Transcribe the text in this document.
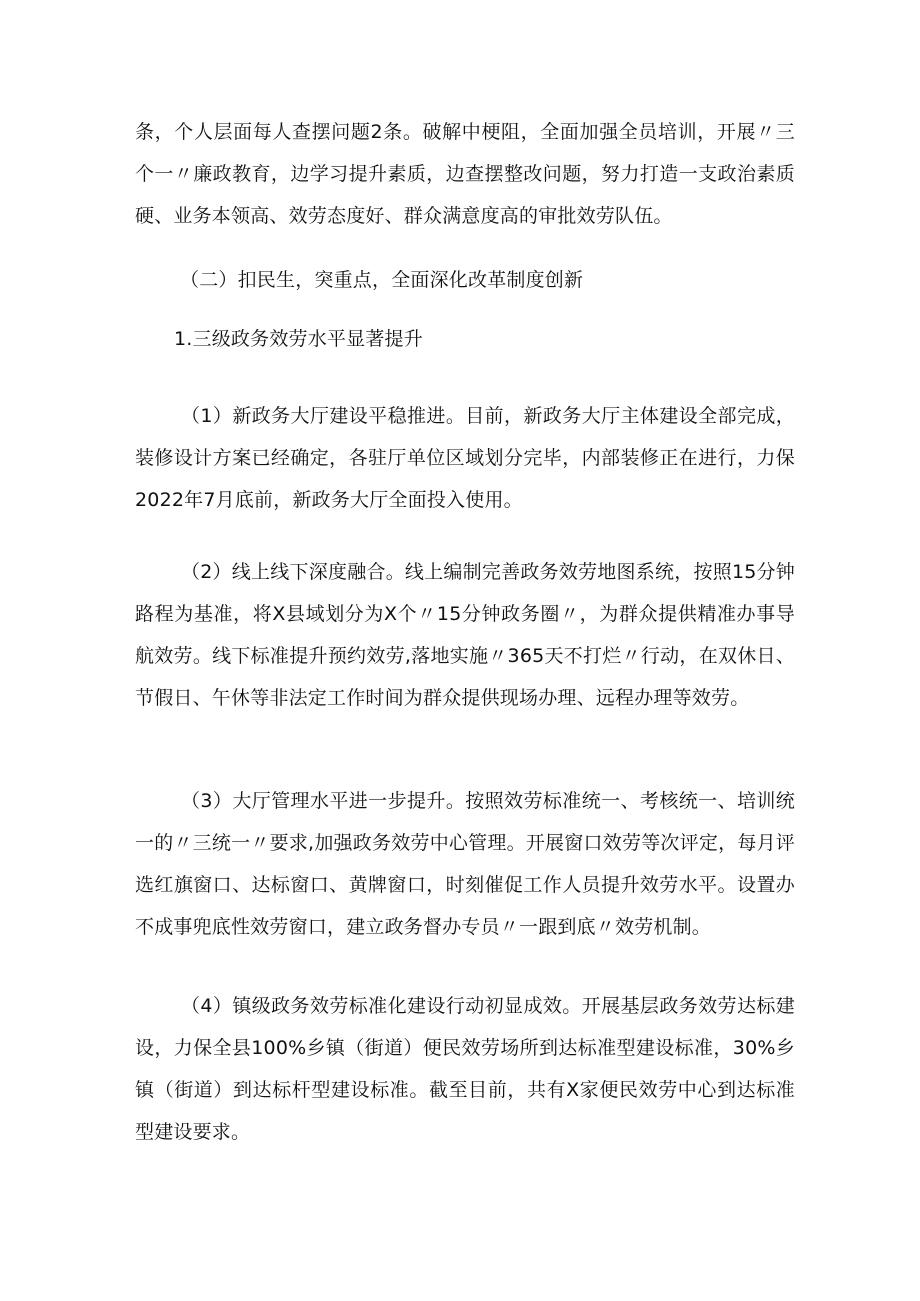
条，个人层面每人查摆问题2条。破解中梗阻，全面加强全员培训，开展〃三个一〃廉政教育，边学习提升素质，边查摆整改问题，努力打造一支政治素质硬、业务本领高、效劳态度好、群众满意度高的审批效劳队伍。

（二）扣民生，突重点，全面深化改革制度创新

1.三级政务效劳水平显著提升

（1）新政务大厅建设平稳推进。目前，新政务大厅主体建设全部完成，装修设计方案已经确定，各驻厅单位区域划分完毕，内部装修正在进行，力保2022年7月底前，新政务大厅全面投入使用。

（2）线上线下深度融合。线上编制完善政务效劳地图系统，按照15分钟路程为基准，将X县域划分为X个〃15分钟政务圈〃，为群众提供精准办事导航效劳。线下标准提升预约效劳,落地实施〃365天不打烂〃行动，在双休日、节假日、午休等非法定工作时间为群众提供现场办理、远程办理等效劳。

（3）大厅管理水平进一步提升。按照效劳标准统一、考核统一、培训统一的〃三统一〃要求,加强政务效劳中心管理。开展窗口效劳等次评定，每月评选红旗窗口、达标窗口、黄牌窗口，时刻催促工作人员提升效劳水平。设置办不成事兜底性效劳窗口，建立政务督办专员〃一跟到底〃效劳机制。

（4）镇级政务效劳标准化建设行动初显成效。开展基层政务效劳达标建设，力保全县100%乡镇（街道）便民效劳场所到达标准型建设标准，30%乡镇（街道）到达标杆型建设标准。截至目前，共有X家便民效劳中心到达标准型建设要求。
